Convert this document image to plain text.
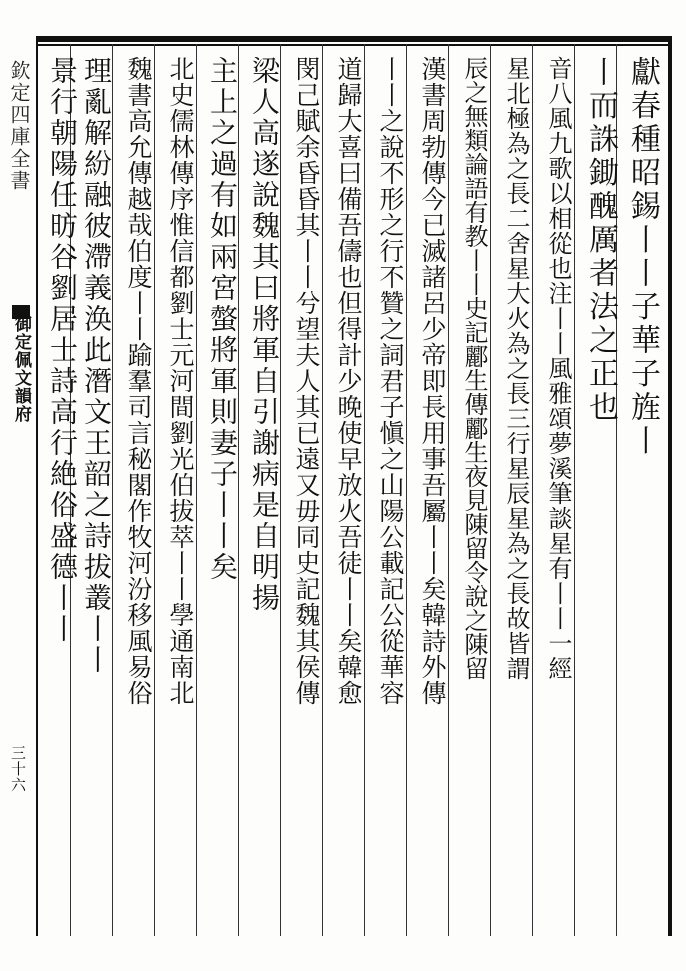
欽定四庫全書
御定佩文韻府
三十六
獻春種昭錫丨丨子華子旌丨
丨而誅鋤醜厲者法之正也
音八風九歌以相從也注丨丨風雅頌夢溪筆談星有丨丨一經
星北極為之長二舍星大火為之長三行星辰星為之長故皆謂
辰之無類論語有教丨丨史記酈生傳酈生夜見陳留令說之陳留
漢書周勃傳今已滅諸呂少帝即長用事吾屬丨丨矣韓詩外傳
丨丨之說不形之行不贊之詞君子愼之山陽公載記公從華容
道歸大喜曰備吾儔也但得計少晚使早放火吾徒丨丨矣韓愈
閔己賦余昏昏其丨丨兮望夫人其已遠又毋同史記魏其侯傳
梁人高遂說魏其曰將軍自引謝病是自明揚
主上之過有如兩宮螫將軍則妻子丨丨矣
北史儒林傳序惟信都劉士元河間劉光伯拔萃丨丨學通南北
魏書高允傳越哉伯度丨丨踰羣司言秘閣作牧河汾移風易俗
理亂解紛融彼滯義涣此潛文王韶之詩拔叢丨丨
景行朝陽任昉谷劉居士詩高行絶俗盛德丨丨
